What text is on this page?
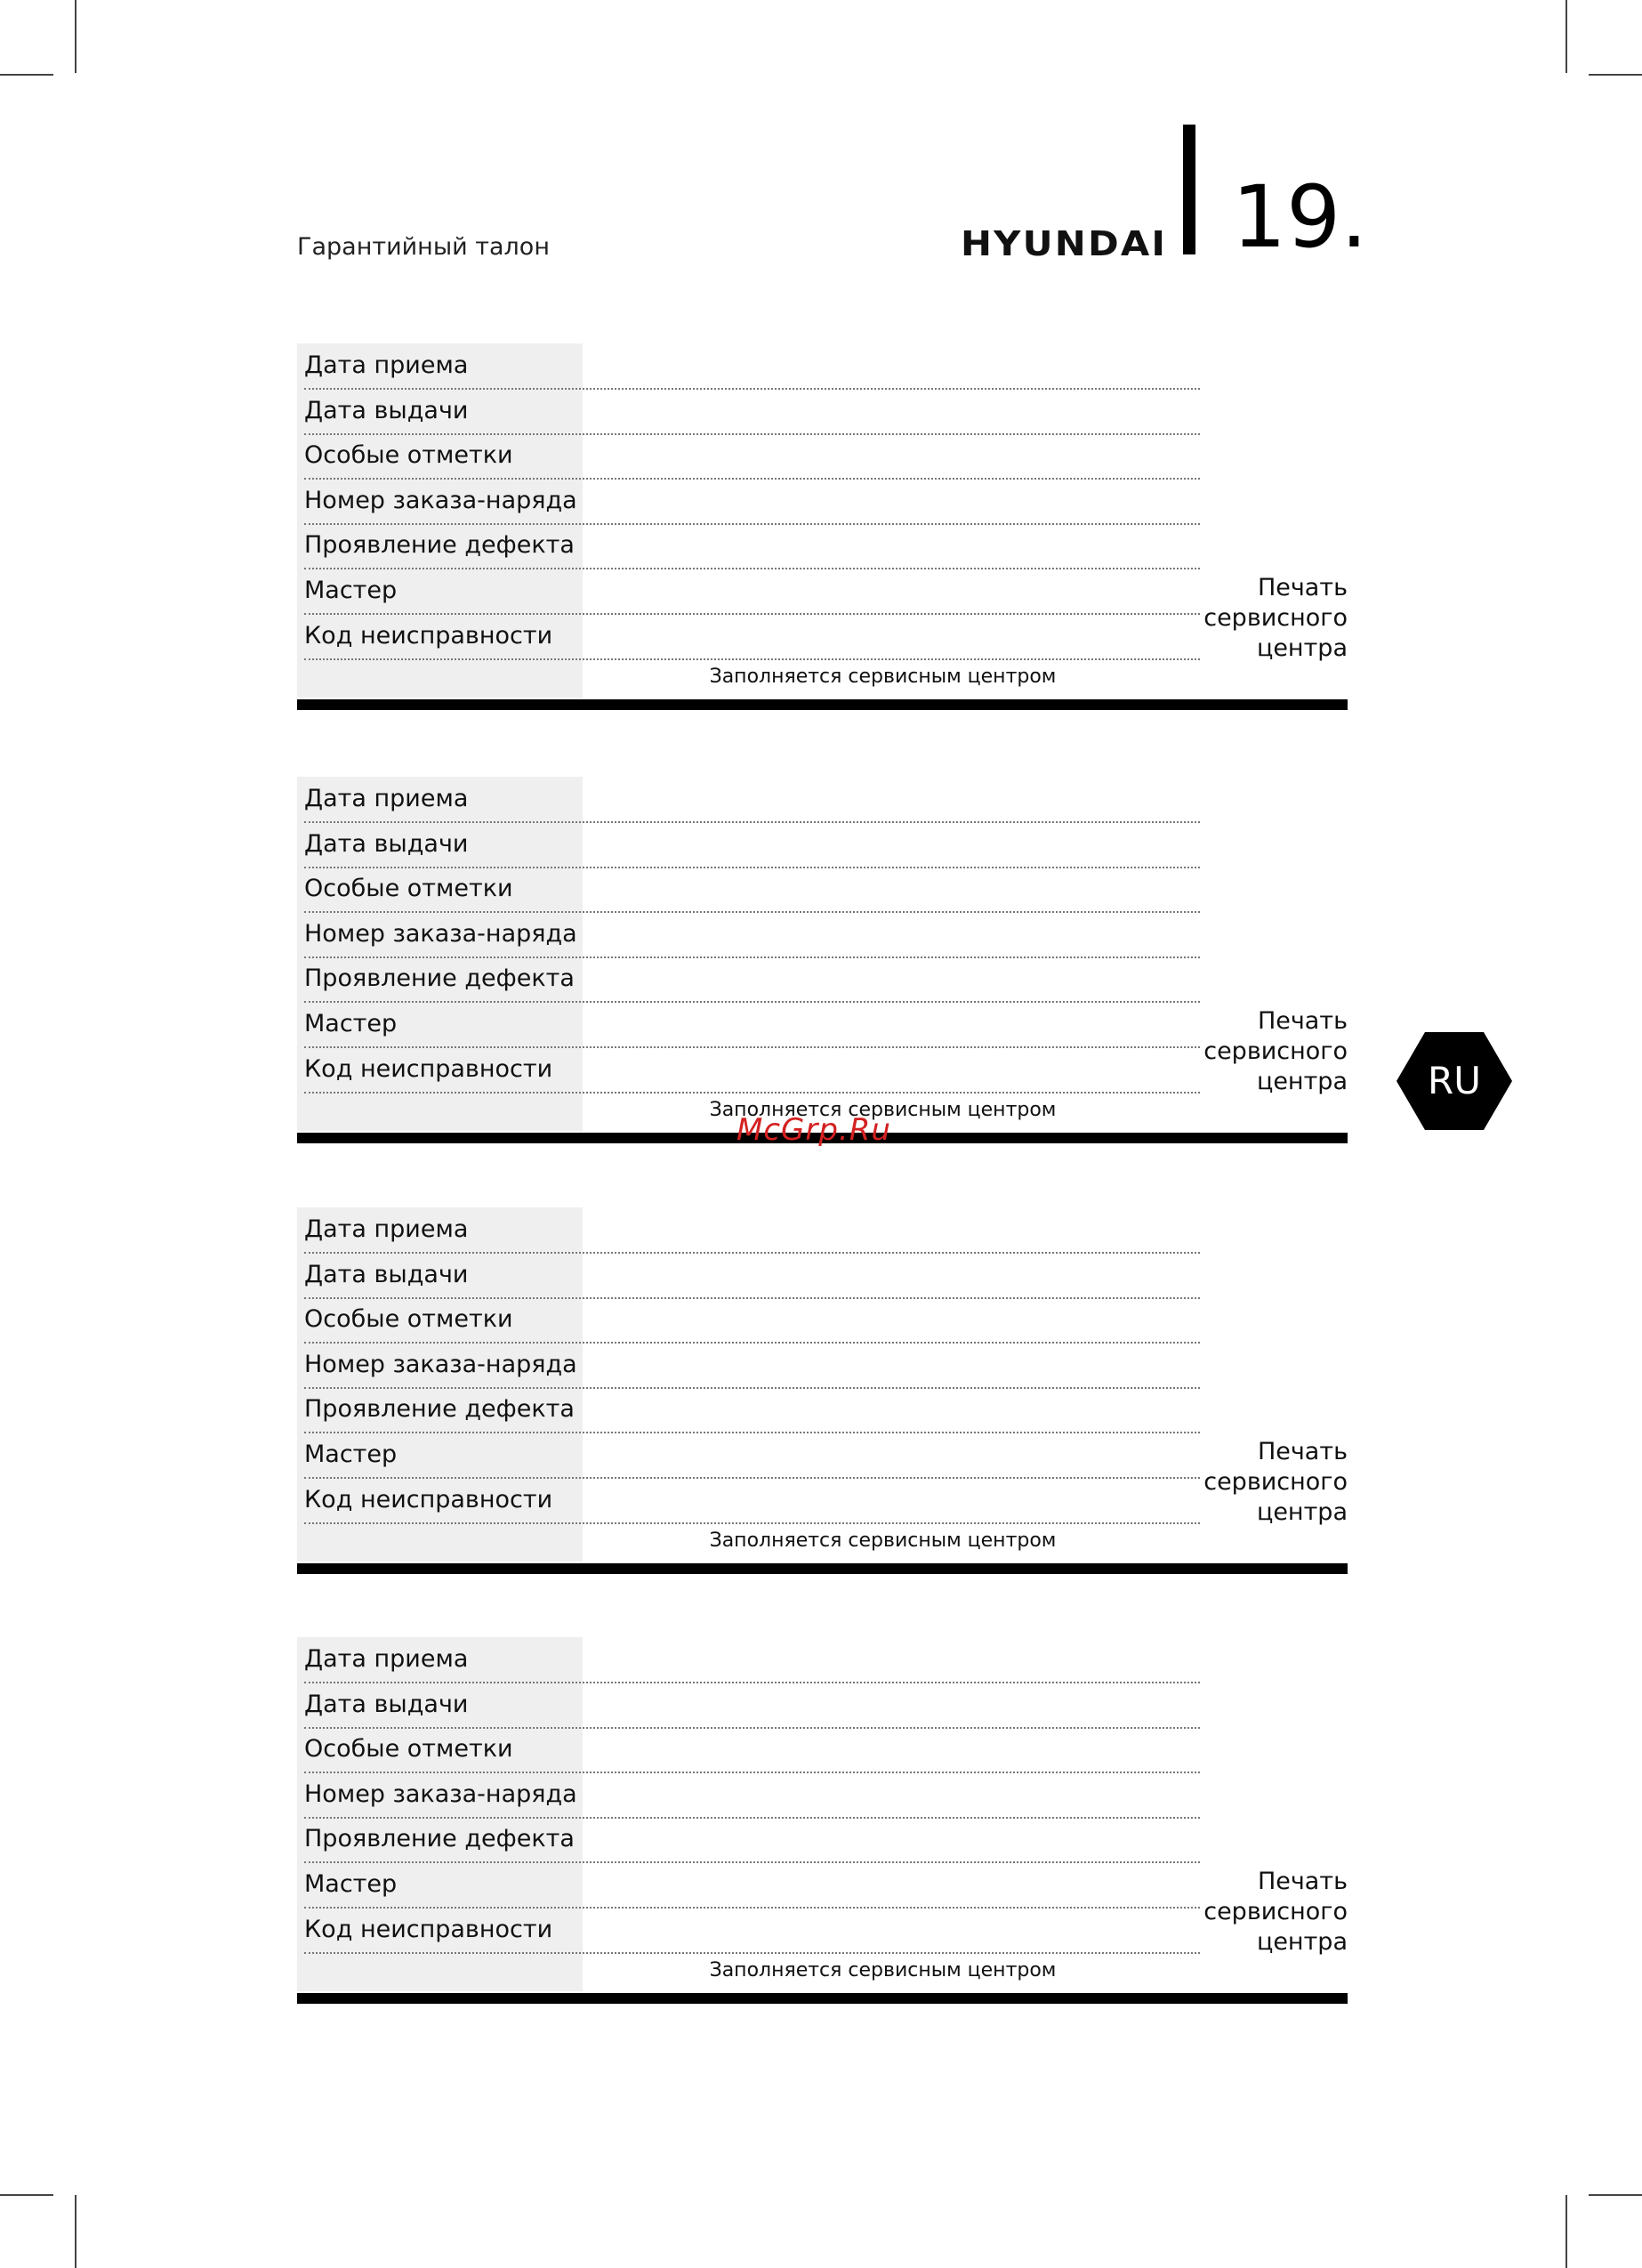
Гарантийный талон	HYUNDAI 19.
Дата приема
Дата выдачи
Особые отметки
Номер заказа-наряда
Проявление дефекта
Мастер
Код неисправности
Заполняется сервисным центром
Печать
сервисного
центра
Дата приема
Дата выдачи
Особые отметки
Номер заказа-наряда
Проявление дефекта
Мастер
Код неисправности
Заполняется сервисным центром
Печать
сервисного
центра
Дата приема
Дата выдачи
Особые отметки
Номер заказа-наряда
Проявление дефекта
Мастер
Код неисправности
Заполняется сервисным центром
Печать
сервисного
центра
Дата приема
Дата выдачи
Особые отметки
Номер заказа-наряда
Проявление дефекта
Мастер
Код неисправности
Заполняется сервисным центром
Печать
сервисного
центра
RU
McGrp.Ru
